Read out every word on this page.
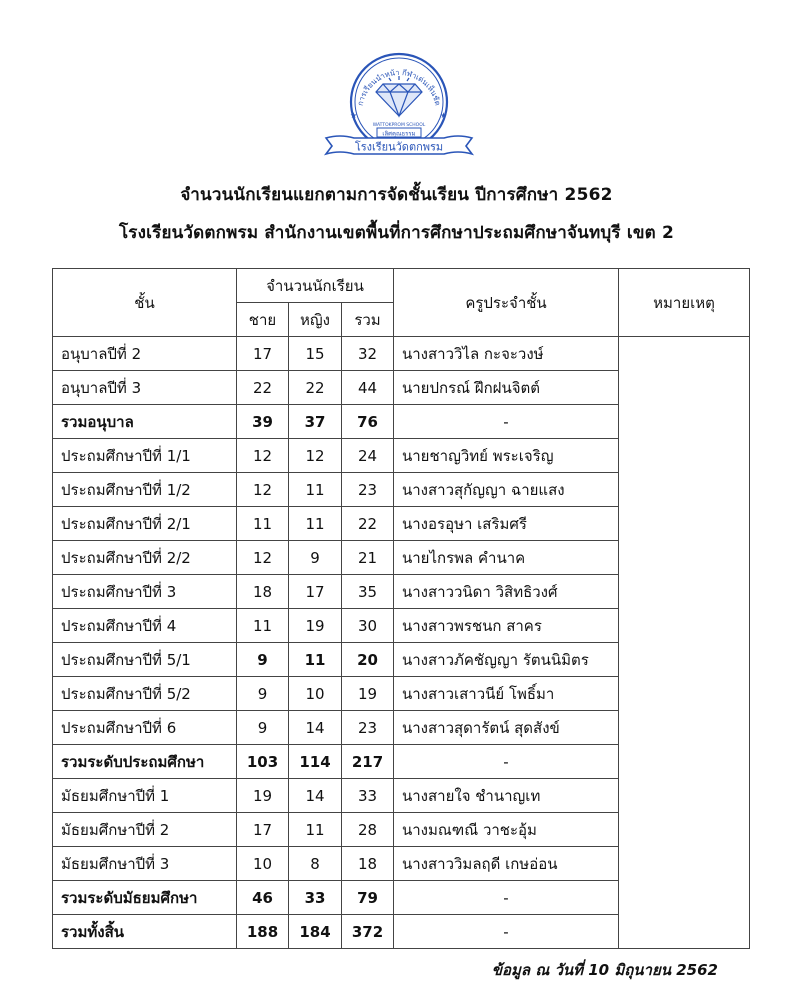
การเรียนนำหน้า กีฬาเด่นเห็นชัด
★	★
WATTOKPROM SCHOOL
เลิศคุณธรรม
โรงเรียนวัดตกพรม
จำนวนนักเรียนแยกตามการจัดชั้นเรียน ปีการศึกษา 2562
โรงเรียนวัดตกพรม สำนักงานเขตพื้นที่การศึกษาประถมศึกษาจันทบุรี เขต 2
ชั้น	จำนวนนักเรียน			ครูประจำชั้น	หมายเหตุ
	ชาย	หญิง	รวม		
อนุบาลปีที่ 2	17	15	32	นางสาววิไล กะจะวงษ์	
อนุบาลปีที่ 3	22	22	44	นายปกรณ์ ฝึกฝนจิตต์	
รวมอนุบาล	39	37	76	-	
ประถมศึกษาปีที่ 1/1	12	12	24	นายชาญวิทย์ พระเจริญ	
ประถมศึกษาปีที่ 1/2	12	11	23	นางสาวสุกัญญา ฉายแสง	
ประถมศึกษาปีที่ 2/1	11	11	22	นางอรอุษา เสริมศรี	
ประถมศึกษาปีที่ 2/2	12	9	21	นายไกรพล คำนาค	
ประถมศึกษาปีที่ 3	18	17	35	นางสาววนิดา วิสิทธิวงศ์	
ประถมศึกษาปีที่ 4	11	19	30	นางสาวพรชนก สาคร	
ประถมศึกษาปีที่ 5/1	9	11	20	นางสาวภัคชัญญา รัตนนิมิตร	
ประถมศึกษาปีที่ 5/2	9	10	19	นางสาวเสาวนีย์ โพธิ์มา	
ประถมศึกษาปีที่ 6	9	14	23	นางสาวสุดารัตน์ สุดสังข์	
รวมระดับประถมศึกษา	103	114	217	-	
มัธยมศึกษาปีที่ 1	19	14	33	นางสายใจ ชำนาญเท	
มัธยมศึกษาปีที่ 2	17	11	28	นางมณฑณี วาชะอุ้ม	
มัธยมศึกษาปีที่ 3	10	8	18	นางสาววิมลฤดี เกษอ่อน	
รวมระดับมัธยมศึกษา	46	33	79	-	
รวมทั้งสิ้น	188	184	372	-	
ข้อมูล ณ วันที่ 10 มิถุนายน 2562
